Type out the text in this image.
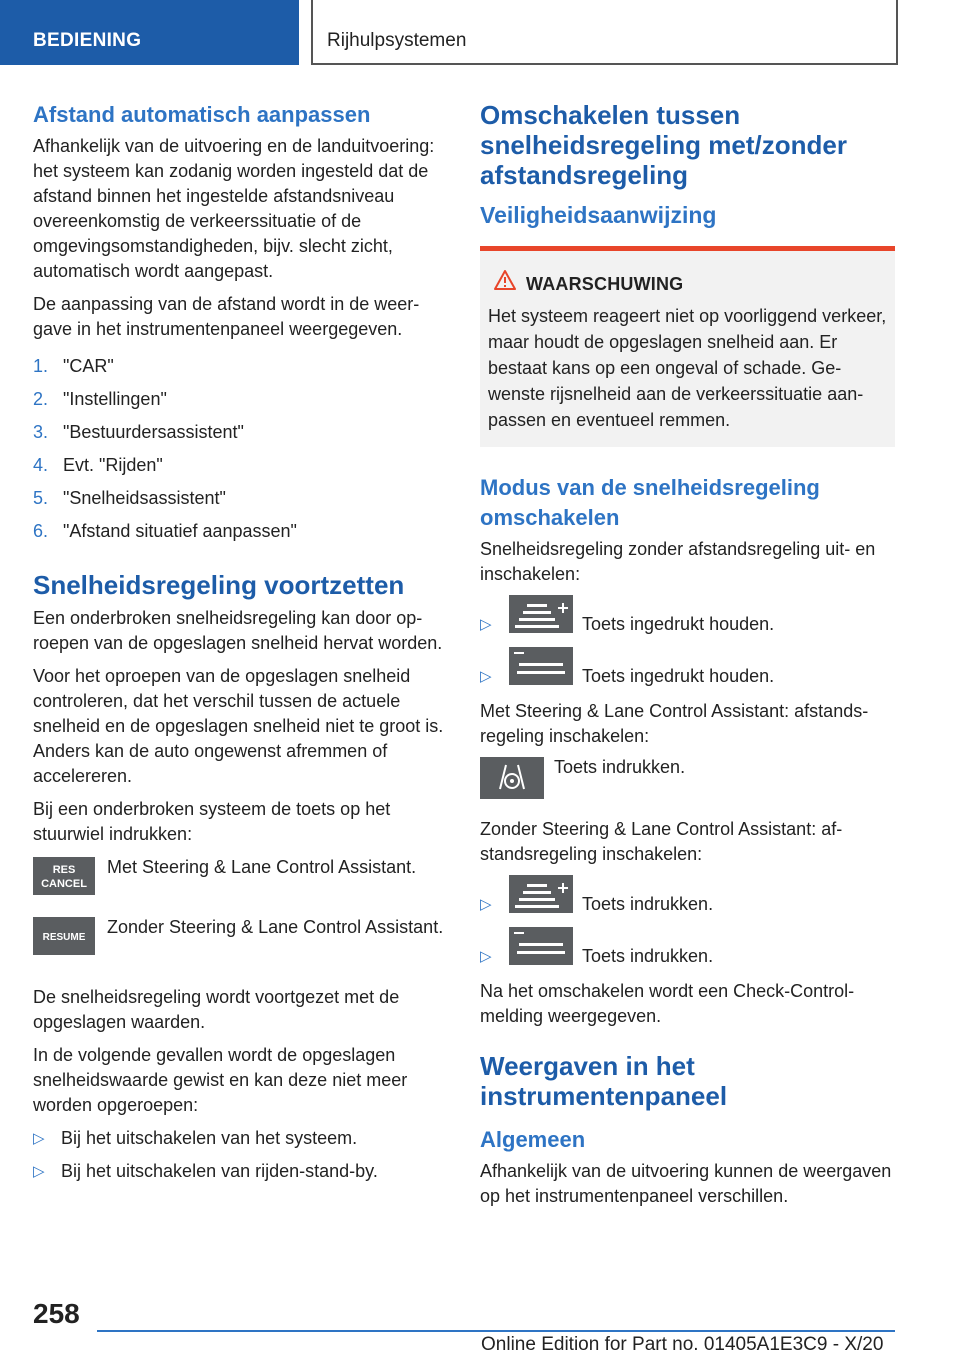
BEDIENING	Rijhulpsystemen
Afstand automatisch aanpassen

Afhankelijk van de uitvoering en de landuitvoering: het systeem kan zodanig worden ingesteld dat de afstand binnen het ingestelde afstandsniveau overeenkomstig de verkeerssituatie of de omgevingsomstandigheden, bijv. slecht zicht, automatisch wordt aangepast.

De aanpassing van de afstand wordt in de weergave in het instrumentenpaneel weergegeven.

1. "CAR"
2. "Instellingen"
3. "Bestuurdersassistent"
4. Evt. "Rijden"
5. "Snelheidsassistent"
6. "Afstand situatief aanpassen"
Snelheidsregeling voortzetten

Een onderbroken snelheidsregeling kan door oproepen van de opgeslagen snelheid hervat worden.

Voor het oproepen van de opgeslagen snelheid controleren, dat het verschil tussen de actuele snelheid en de opgeslagen snelheid niet te groot is. Anders kan de auto ongewenst afremmen of accelereren.

Bij een onderbroken systeem de toets op het stuurwiel indrukken:

RES
CANCEL
Met Steering & Lane Control Assistant.
RESUME
Zonder Steering & Lane Control Assistant.

De snelheidsregeling wordt voortgezet met de opgeslagen waarden.

In de volgende gevallen wordt de opgeslagen snelheidswaarde gewist en kan deze niet meer worden opgeroepen:

▷ Bij het uitschakelen van het systeem.
▷ Bij het uitschakelen van rijden-stand-by.
Omschakelen tussen snelheidsregeling met/zonder afstandsregeling
Veiligheidsaanwijzing
WAARSCHUWING

Het systeem reageert niet op voorliggend verkeer, maar houdt de opgeslagen snelheid aan. Er bestaat kans op een ongeval of schade. Gewenste rijsnelheid aan de verkeerssituatie aanpassen en eventueel remmen.

Modus van de snelheidsregeling omschakelen

Snelheidsregeling zonder afstandsregeling uit- en inschakelen:

▷	Toets ingedrukt houden.
▷	Toets ingedrukt houden.

Met Steering & Lane Control Assistant: afstandsregeling inschakelen:

Toets indrukken.

Zonder Steering & Lane Control Assistant: afstandsregeling inschakelen:

▷	Toets indrukken.
▷	Toets indrukken.

Na het omschakelen wordt een Check-Control-melding weergegeven.

Weergaven in het instrumentenpaneel
Algemeen

Afhankelijk van de uitvoering kunnen de weergaven op het instrumentenpaneel verschillen.

258
Online Edition for Part no. 01405A1E3C9 - X/20
